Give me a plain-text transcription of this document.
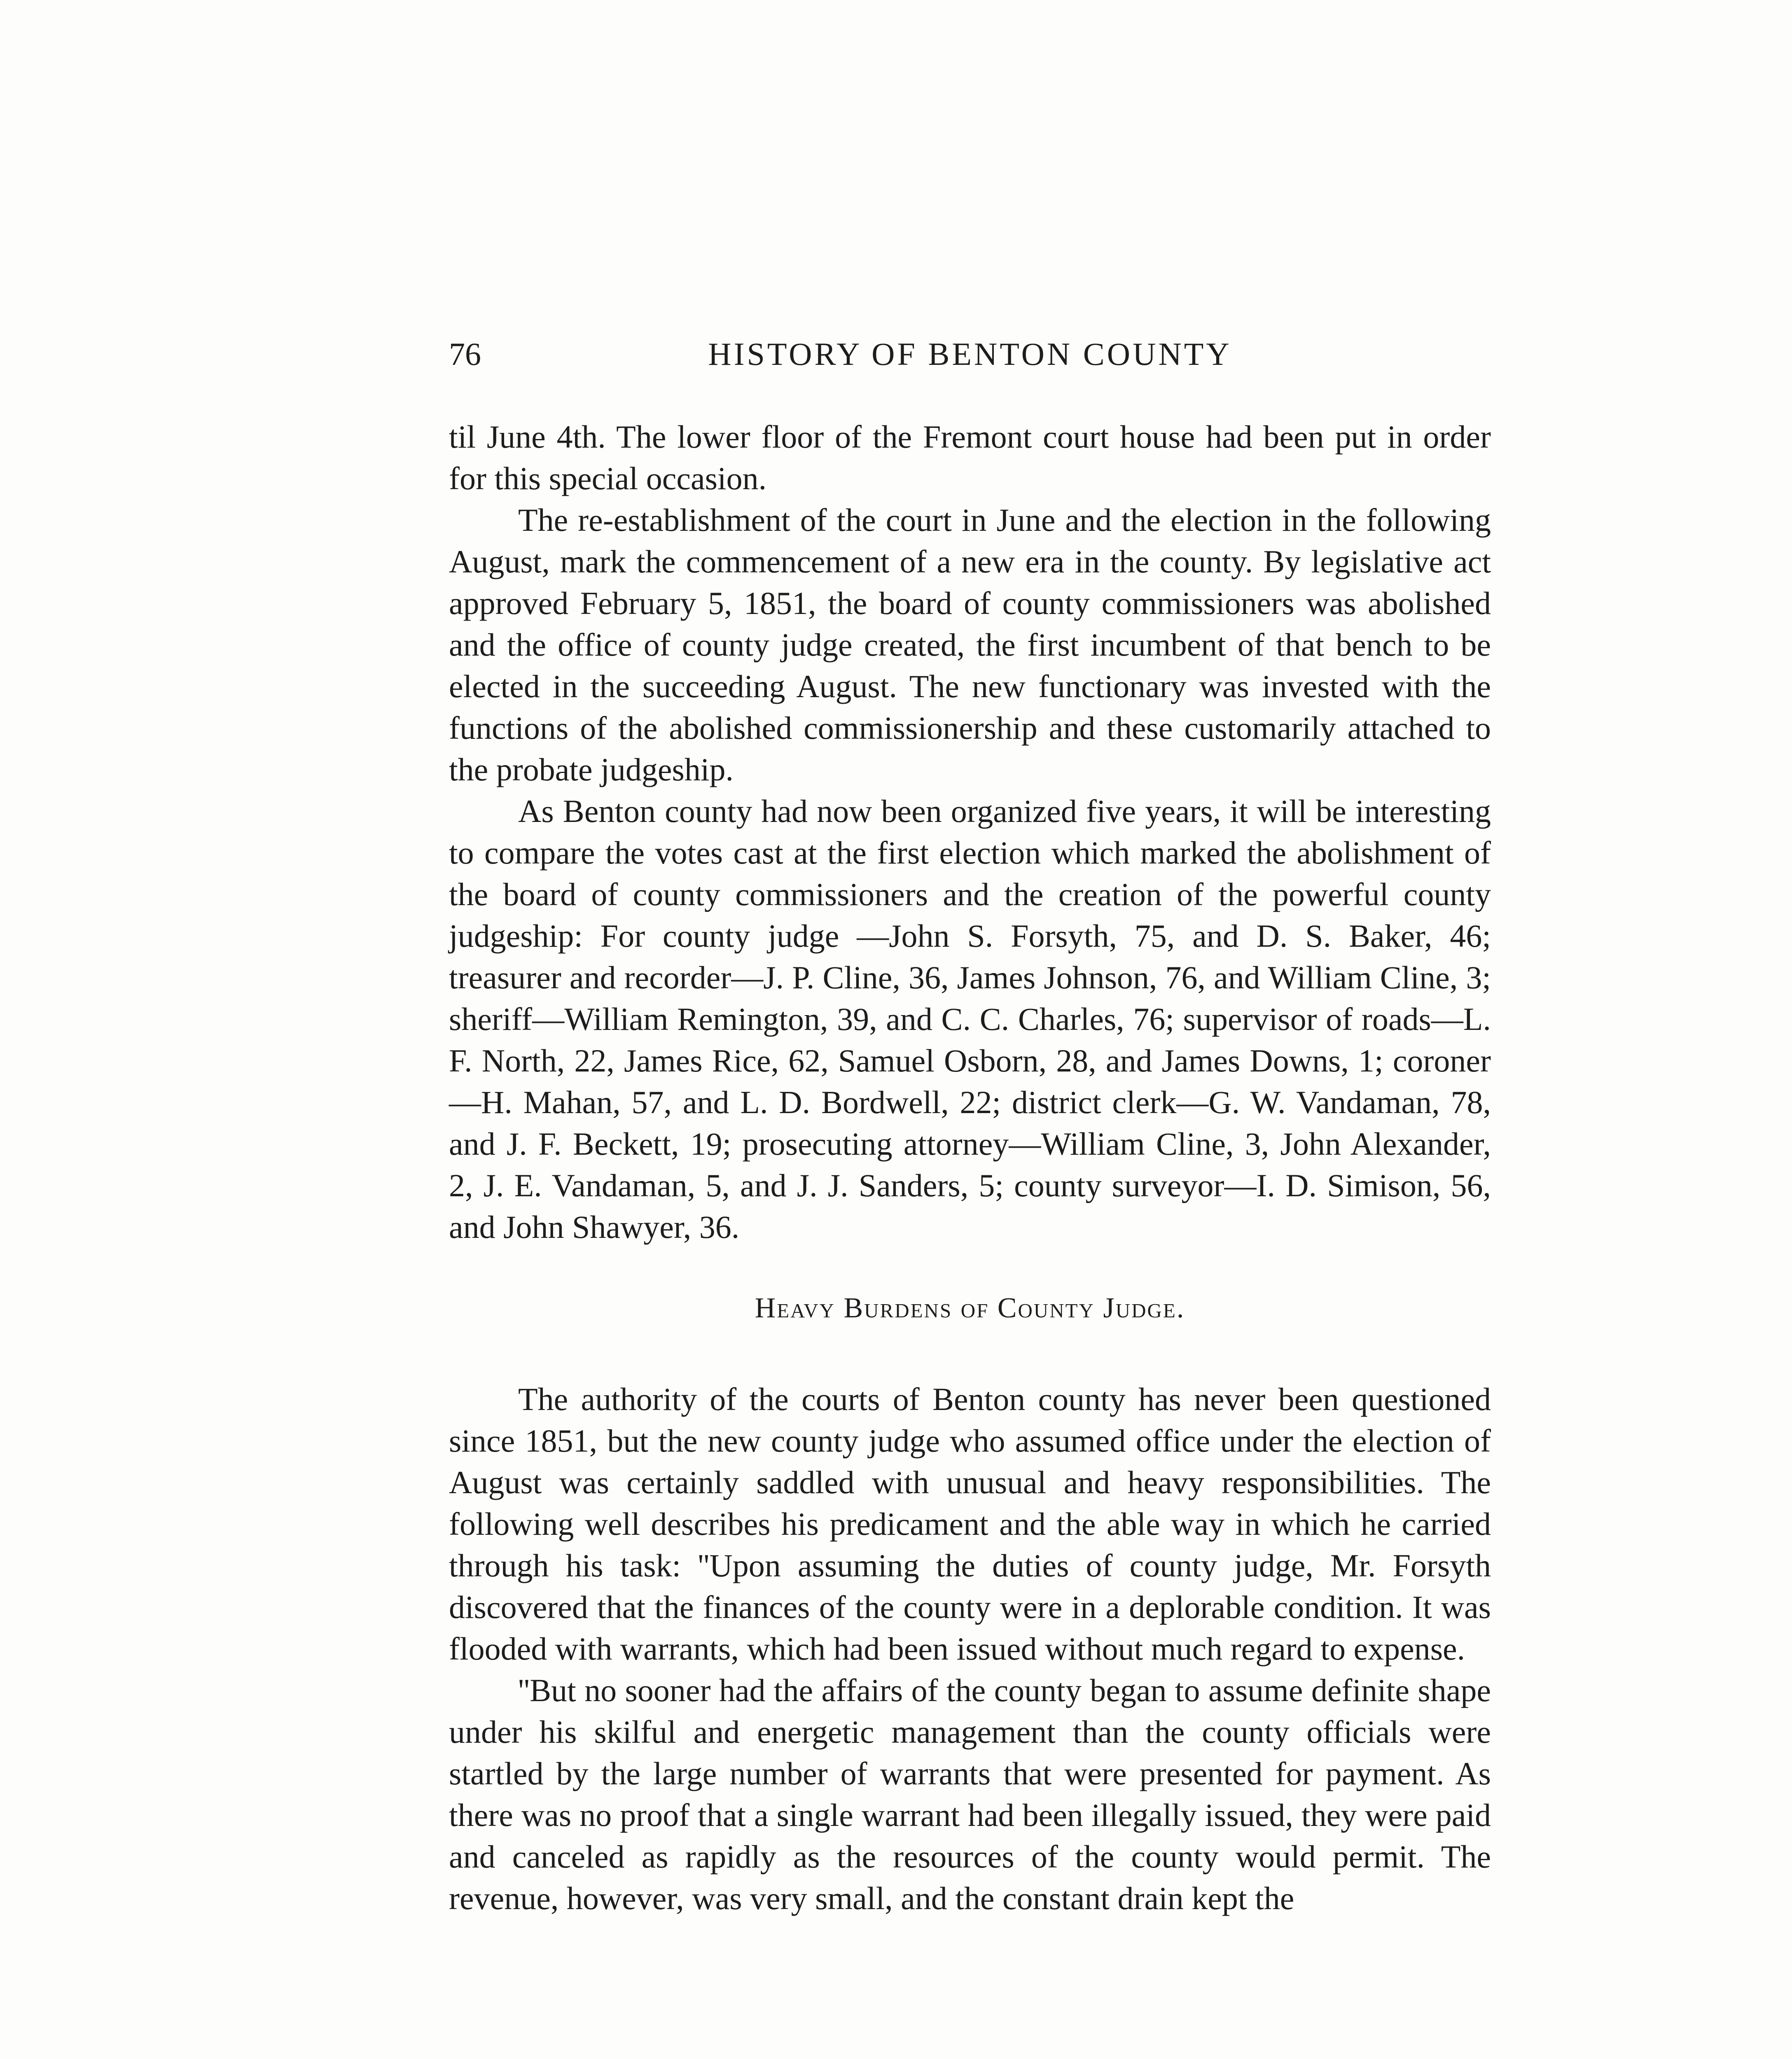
76	HISTORY OF BENTON COUNTY

til June 4th. The lower floor of the Fremont court house had been put in order for this special occasion.

The re-establishment of the court in June and the election in the following August, mark the commencement of a new era in the county. By legislative act approved February 5, 1851, the board of county commissioners was abolished and the office of county judge created, the first incumbent of that bench to be elected in the succeeding August. The new functionary was invested with the functions of the abolished commissionership and these customarily attached to the probate judgeship.

As Benton county had now been organized five years, it will be interesting to compare the votes cast at the first election which marked the abolishment of the board of county commissioners and the creation of the powerful county judgeship: For county judge —John S. Forsyth, 75, and D. S. Baker, 46; treasurer and recorder—J. P. Cline, 36, James Johnson, 76, and William Cline, 3; sheriff—William Remington, 39, and C. C. Charles, 76; supervisor of roads—L. F. North, 22, James Rice, 62, Samuel Osborn, 28, and James Downs, 1; coroner—H. Mahan, 57, and L. D. Bordwell, 22; district clerk—G. W. Vandaman, 78, and J. F. Beckett, 19; prosecuting attorney—William Cline, 3, John Alexander, 2, J. E. Vandaman, 5, and J. J. Sanders, 5; county surveyor—I. D. Simison, 56, and John Shawyer, 36.

Heavy Burdens of County Judge.

The authority of the courts of Benton county has never been questioned since 1851, but the new county judge who assumed office under the election of August was certainly saddled with unusual and heavy responsibilities. The following well describes his predicament and the able way in which he carried through his task: ''Upon assuming the duties of county judge, Mr. Forsyth discovered that the finances of the county were in a deplorable condition. It was flooded with warrants, which had been issued without much regard to expense.

''But no sooner had the affairs of the county began to assume definite shape under his skilful and energetic management than the county officials were startled by the large number of warrants that were presented for payment. As there was no proof that a single warrant had been illegally issued, they were paid and canceled as rapidly as the resources of the county would permit. The revenue, however, was very small, and the constant drain kept the
